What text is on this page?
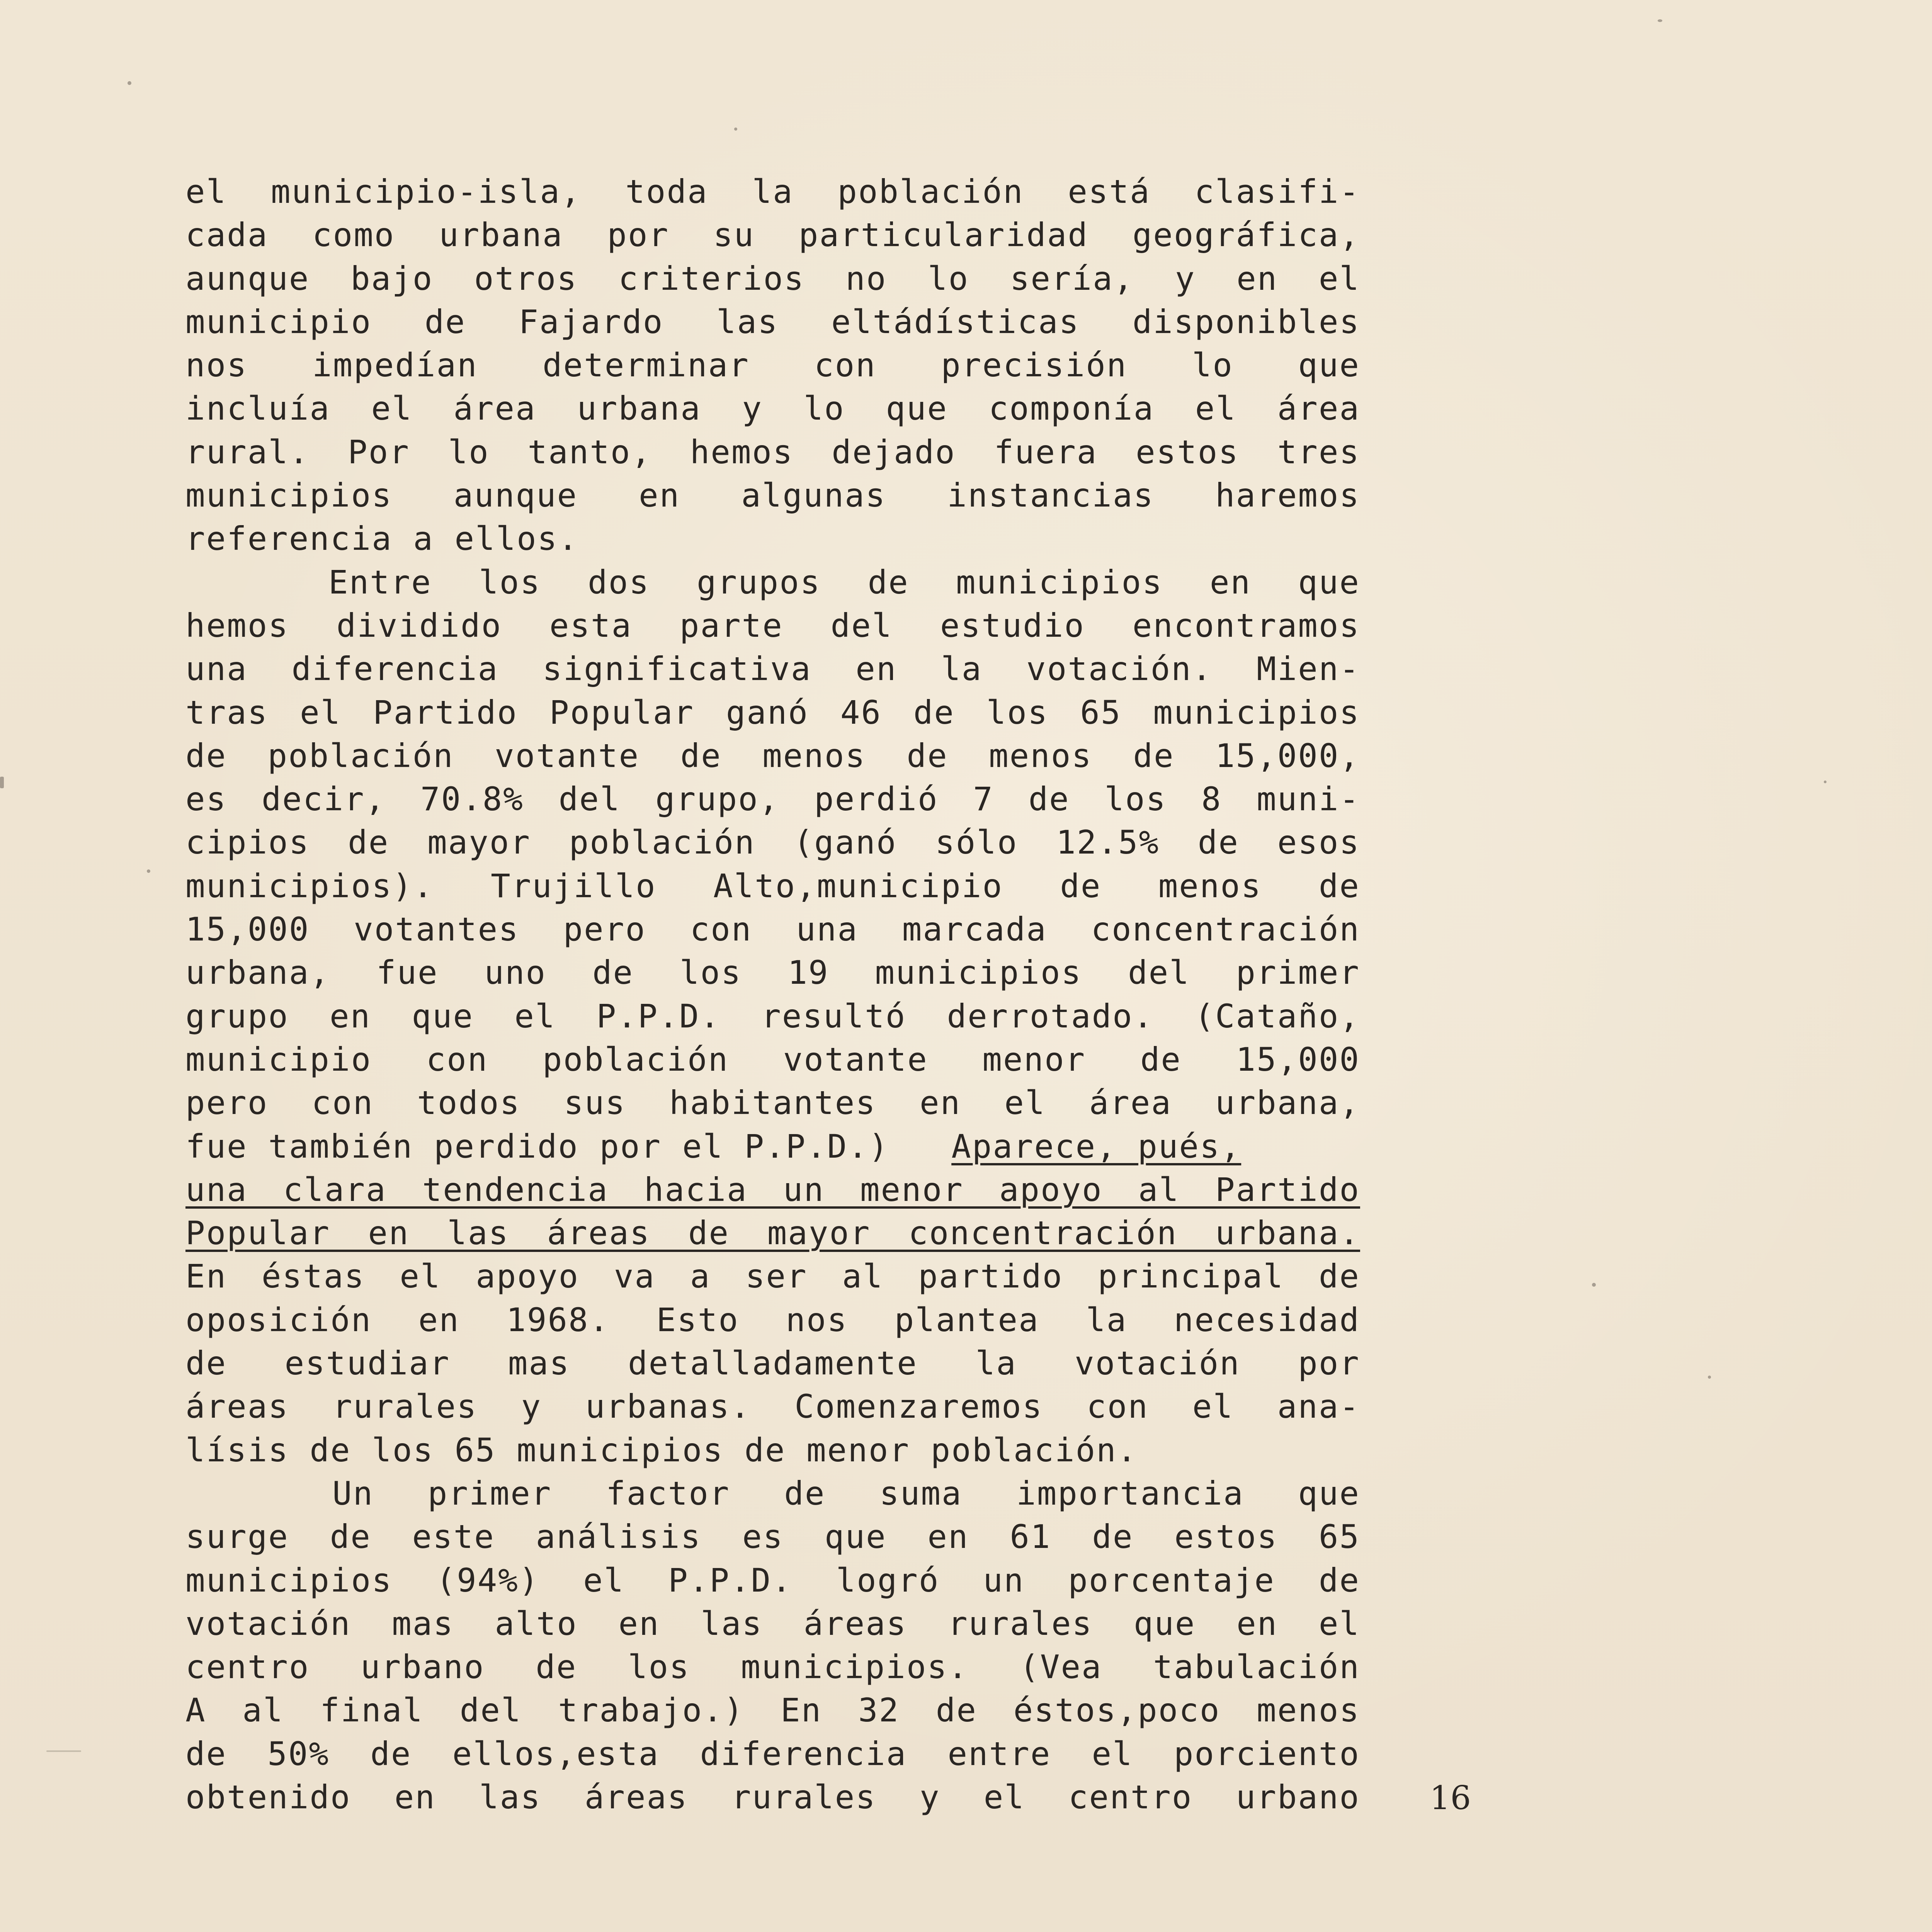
el municipio-isla, toda la población está clasifi-
cada como urbana por su particularidad geográfica,
aunque bajo otros criterios no lo sería, y en el
municipio de Fajardo las eltádísticas disponibles
nos impedían determinar con precisión lo que
incluía el área urbana y lo que componía el área
rural. Por lo tanto, hemos dejado fuera estos tres
municipios aunque en algunas instancias haremos
referencia a ellos.
Entre los dos grupos de municipios en que
hemos dividido esta parte del estudio encontramos
una diferencia significativa en la votación. Mien-
tras el Partido Popular ganó 46 de los 65 municipios
de población votante de menos de menos de 15,000,
es decir, 70.8% del grupo, perdió 7 de los 8 muni-
cipios de mayor población (ganó sólo 12.5% de esos
municipios). Trujillo Alto,municipio de menos de
15,000 votantes pero con una marcada concentración
urbana, fue uno de los 19 municipios del primer
grupo en que el P.P.D. resultó derrotado. (Cataño,
municipio con población votante menor de 15,000
pero con todos sus habitantes en el área urbana,
fue también perdido por el P.P.D.) Aparece, pués,
una clara tendencia hacia un menor apoyo al Partido
Popular en las áreas de mayor concentración urbana.
En éstas el apoyo va a ser al partido principal de
oposición en 1968. Esto nos plantea la necesidad
de estudiar mas detalladamente la votación por
áreas rurales y urbanas. Comenzaremos con el ana-
lísis de los 65 municipios de menor población.
Un primer factor de suma importancia que
surge de este análisis es que en 61 de estos 65
municipios (94%) el P.P.D. logró un porcentaje de
votación mas alto en las áreas rurales que en el
centro urbano de los municipios. (Vea tabulación
A al final del trabajo.) En 32 de éstos,poco menos
de 50% de ellos,esta diferencia entre el porciento
obtenido en las áreas rurales y el centro urbano 16
